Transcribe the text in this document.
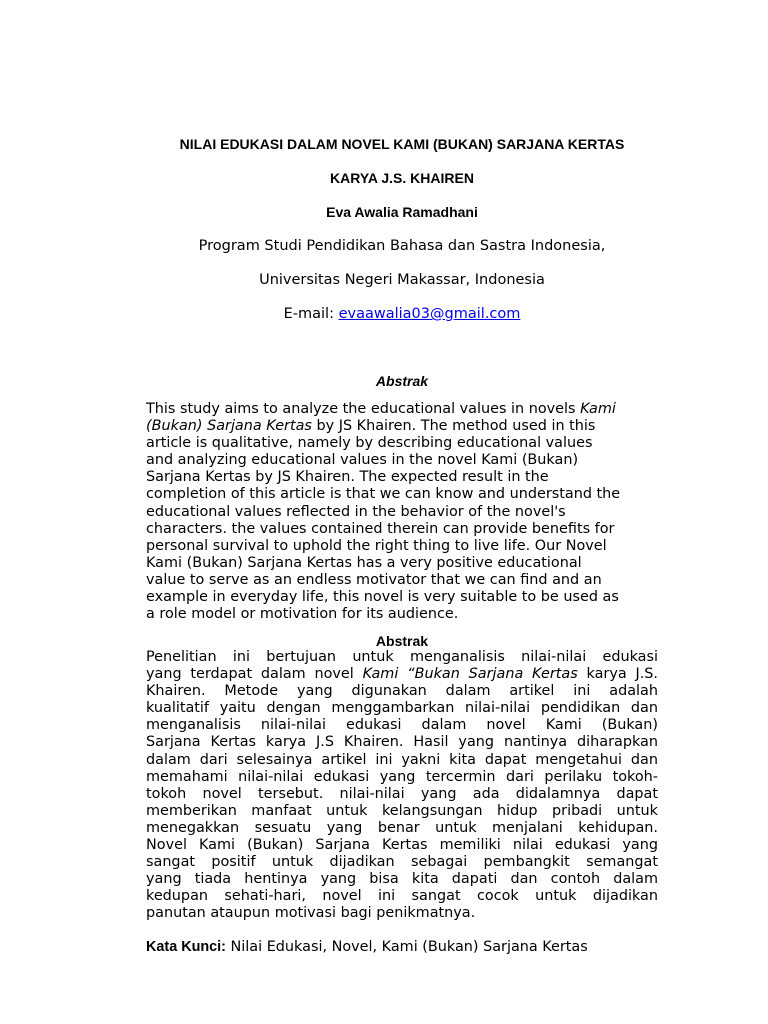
NILAI EDUKASI DALAM NOVEL KAMI (BUKAN) SARJANA KERTAS
KARYA J.S. KHAIREN
Eva Awalia Ramadhani
Program Studi Pendidikan Bahasa dan Sastra Indonesia,
Universitas Negeri Makassar, Indonesia
E-mail: evaawalia03@gmail.com
Abstrak
This study aims to analyze the educational values in novels Kami
(Bukan) Sarjana Kertas by JS Khairen. The method used in this
article is qualitative, namely by describing educational values
and analyzing educational values in the novel Kami (Bukan)
Sarjana Kertas by JS Khairen. The expected result in the
completion of this article is that we can know and understand the
educational values reflected in the behavior of the novel's
characters. the values contained therein can provide benefits for
personal survival to uphold the right thing to live life. Our Novel
Kami (Bukan) Sarjana Kertas has a very positive educational
value to serve as an endless motivator that we can find and an
example in everyday life, this novel is very suitable to be used as
a role model or motivation for its audience.
Abstrak
Penelitian ini bertujuan untuk menganalisis nilai-nilai edukasi
yang terdapat dalam novel Kami “Bukan Sarjana Kertas karya J.S.
Khairen. Metode yang digunakan dalam artikel ini adalah
kualitatif yaitu dengan menggambarkan nilai-nilai pendidikan dan
menganalisis nilai-nilai edukasi dalam novel Kami (Bukan)
Sarjana Kertas karya J.S Khairen. Hasil yang nantinya diharapkan
dalam dari selesainya artikel ini yakni kita dapat mengetahui dan
memahami nilai-nilai edukasi yang tercermin dari perilaku tokoh-
tokoh novel tersebut. nilai-nilai yang ada didalamnya dapat
memberikan manfaat untuk kelangsungan hidup pribadi untuk
menegakkan sesuatu yang benar untuk menjalani kehidupan.
Novel Kami (Bukan) Sarjana Kertas memiliki nilai edukasi yang
sangat positif untuk dijadikan sebagai pembangkit semangat
yang tiada hentinya yang bisa kita dapati dan contoh dalam
kedupan sehati-hari, novel ini sangat cocok untuk dijadikan
panutan ataupun motivasi bagi penikmatnya.
Kata Kunci: Nilai Edukasi, Novel, Kami (Bukan) Sarjana Kertas
